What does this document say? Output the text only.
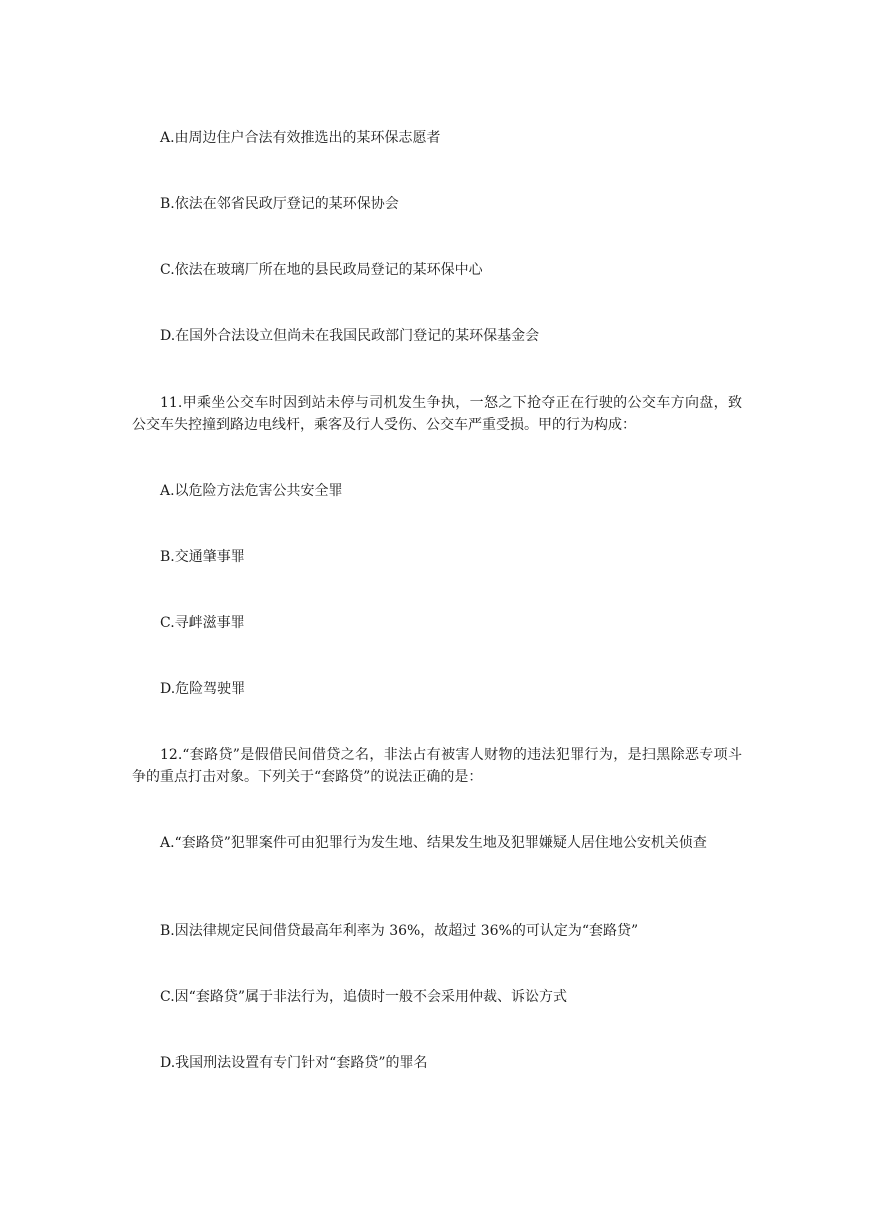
A.由周边住户合法有效推选出的某环保志愿者
B.依法在邻省民政厅登记的某环保协会
C.依法在玻璃厂所在地的县民政局登记的某环保中心
D.在国外合法设立但尚未在我国民政部门登记的某环保基金会
11.甲乘坐公交车时因到站未停与司机发生争执，一怒之下抢夺正在行驶的公交车方向盘，致公交车失控撞到路边电线杆，乘客及行人受伤、公交车严重受损。甲的行为构成：
A.以危险方法危害公共安全罪
B.交通肇事罪
C.寻衅滋事罪
D.危险驾驶罪
12.“套路贷”是假借民间借贷之名，非法占有被害人财物的违法犯罪行为，是扫黑除恶专项斗争的重点打击对象。下列关于“套路贷”的说法正确的是：
A.“套路贷”犯罪案件可由犯罪行为发生地、结果发生地及犯罪嫌疑人居住地公安机关侦查
B.因法律规定民间借贷最高年利率为 36%，故超过 36%的可认定为“套路贷”
C.因“套路贷”属于非法行为，追债时一般不会采用仲裁、诉讼方式
D.我国刑法设置有专门针对“套路贷”的罪名
